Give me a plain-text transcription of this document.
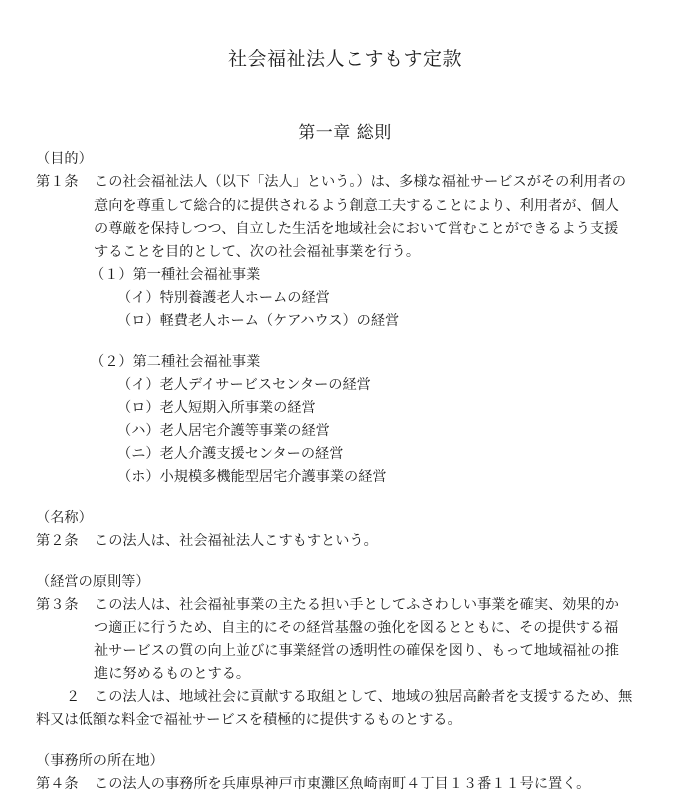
社会福祉法人こすもす定款
第一章 総則
（目的）
第１条 この社会福祉法人（以下「法人」という。）は、多様な福祉サービスがその利用者の
意向を尊重して総合的に提供されるよう創意工夫することにより、利用者が、個人
の尊厳を保持しつつ、自立した生活を地域社会において営むことができるよう支援
することを目的として、次の社会福祉事業を行う。
（１）第一種社会福祉事業
（イ）特別養護老人ホームの経営
（ロ）軽費老人ホーム（ケアハウス）の経営
（２）第二種社会福祉事業
（イ）老人デイサービスセンターの経営
（ロ）老人短期入所事業の経営
（ハ）老人居宅介護等事業の経営
（ニ）老人介護支援センターの経営
（ホ）小規模多機能型居宅介護事業の経営
（名称）
第２条 この法人は、社会福祉法人こすもすという。
（経営の原則等）
第３条 この法人は、社会福祉事業の主たる担い手としてふさわしい事業を確実、効果的か
つ適正に行うため、自主的にその経営基盤の強化を図るとともに、その提供する福
祉サービスの質の向上並びに事業経営の透明性の確保を図り、もって地域福祉の推
進に努めるものとする。
２ この法人は、地域社会に貢献する取組として、地域の独居高齢者を支援するため、無
料又は低額な料金で福祉サービスを積極的に提供するものとする。
（事務所の所在地）
第４条 この法人の事務所を兵庫県神戸市東灘区魚崎南町４丁目１３番１１号に置く。
